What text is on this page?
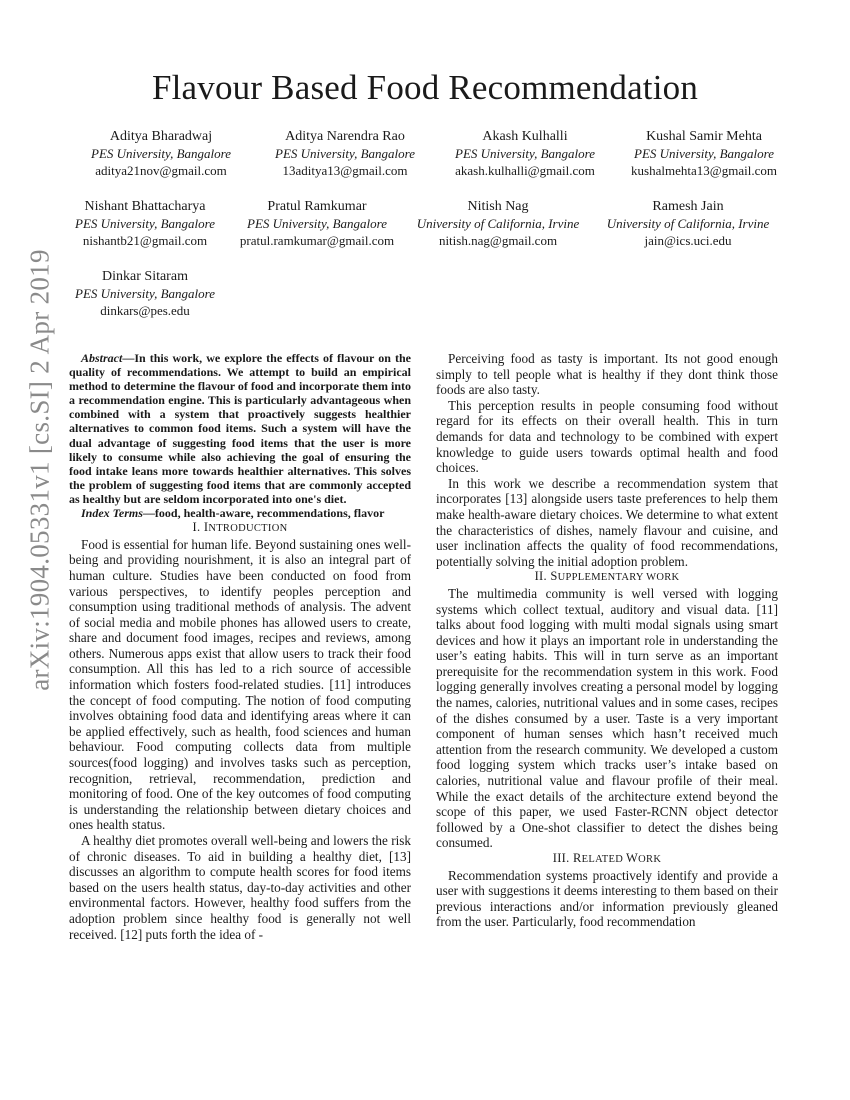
arXiv:1904.05331v1 [cs.SI] 2 Apr 2019
Flavour Based Food Recommendation
Aditya Bharadwaj
PES University, Bangalore
aditya21nov@gmail.com
Aditya Narendra Rao
PES University, Bangalore
13aditya13@gmail.com
Akash Kulhalli
PES University, Bangalore
akash.kulhalli@gmail.com
Kushal Samir Mehta
PES University, Bangalore
kushalmehta13@gmail.com
Nishant Bhattacharya
PES University, Bangalore
nishantb21@gmail.com
Pratul Ramkumar
PES University, Bangalore
pratul.ramkumar@gmail.com
Nitish Nag
University of California, Irvine
nitish.nag@gmail.com
Ramesh Jain
University of California, Irvine
jain@ics.uci.edu
Dinkar Sitaram
PES University, Bangalore
dinkars@pes.edu

Abstract—In this work, we explore the effects of flavour on the quality of recommendations. We attempt to build an empirical method to determine the flavour of food and incorporate them into a recommendation engine. This is particularly advantageous when combined with a system that proactively suggests healthier alternatives to common food items. Such a system will have the dual advantage of suggesting food items that the user is more likely to consume while also achieving the goal of ensuring the food intake leans more towards healthier alternatives. This solves the problem of suggesting food items that are commonly accepted as healthy but are seldom incorporated into one's diet.

Index Terms—food, health-aware, recommendations, flavor

I. INTRODUCTION

Food is essential for human life. Beyond sustaining ones well-being and providing nourishment, it is also an integral part of human culture. Studies have been conducted on food from various perspectives, to identify peoples perception and consumption using traditional methods of analysis. The advent of social media and mobile phones has allowed users to create, share and document food images, recipes and reviews, among others. Numerous apps exist that allow users to track their food consumption. All this has led to a rich source of accessible information which fosters food-related studies. [11] introduces the concept of food computing. The notion of food computing involves obtaining food data and identifying areas where it can be applied effectively, such as health, food sciences and human behaviour. Food computing collects data from multiple sources(food logging) and involves tasks such as perception, recognition, retrieval, recommendation, prediction and monitoring of food. One of the key outcomes of food computing is understanding the relationship between dietary choices and ones health status.

A healthy diet promotes overall well-being and lowers the risk of chronic diseases. To aid in building a healthy diet, [13] discusses an algorithm to compute health scores for food items based on the users health status, day-to-day activities and other environmental factors. However, healthy food suffers from the adoption problem since healthy food is generally not well received. [12] puts forth the idea of -

Perceiving food as tasty is important. Its not good enough simply to tell people what is healthy if they dont think those foods are also tasty.

This perception results in people consuming food without regard for its effects on their overall health. This in turn demands for data and technology to be combined with expert knowledge to guide users towards optimal health and food choices.

In this work we describe a recommendation system that incorporates [13] alongside users taste preferences to help them make health-aware dietary choices. We determine to what extent the characteristics of dishes, namely flavour and cuisine, and user inclination affects the quality of food recommendations, potentially solving the initial adoption problem.

II. SUPPLEMENTARY WORK

The multimedia community is well versed with logging systems which collect textual, auditory and visual data. [11] talks about food logging with multi modal signals using smart devices and how it plays an important role in understanding the user’s eating habits. This will in turn serve as an important prerequisite for the recommendation system in this work. Food logging generally involves creating a personal model by logging the names, calories, nutritional values and in some cases, recipes of the dishes consumed by a user. Taste is a very important component of human senses which hasn’t received much attention from the research community. We developed a custom food logging system which tracks user’s intake based on calories, nutritional value and flavour profile of their meal. While the exact details of the architecture extend beyond the scope of this paper, we used Faster-RCNN object detector followed by a One-shot classifier to detect the dishes being consumed.

III. RELATED WORK

Recommendation systems proactively identify and provide a user with suggestions it deems interesting to them based on their previous interactions and/or information previously gleaned from the user. Particularly, food recommendation
